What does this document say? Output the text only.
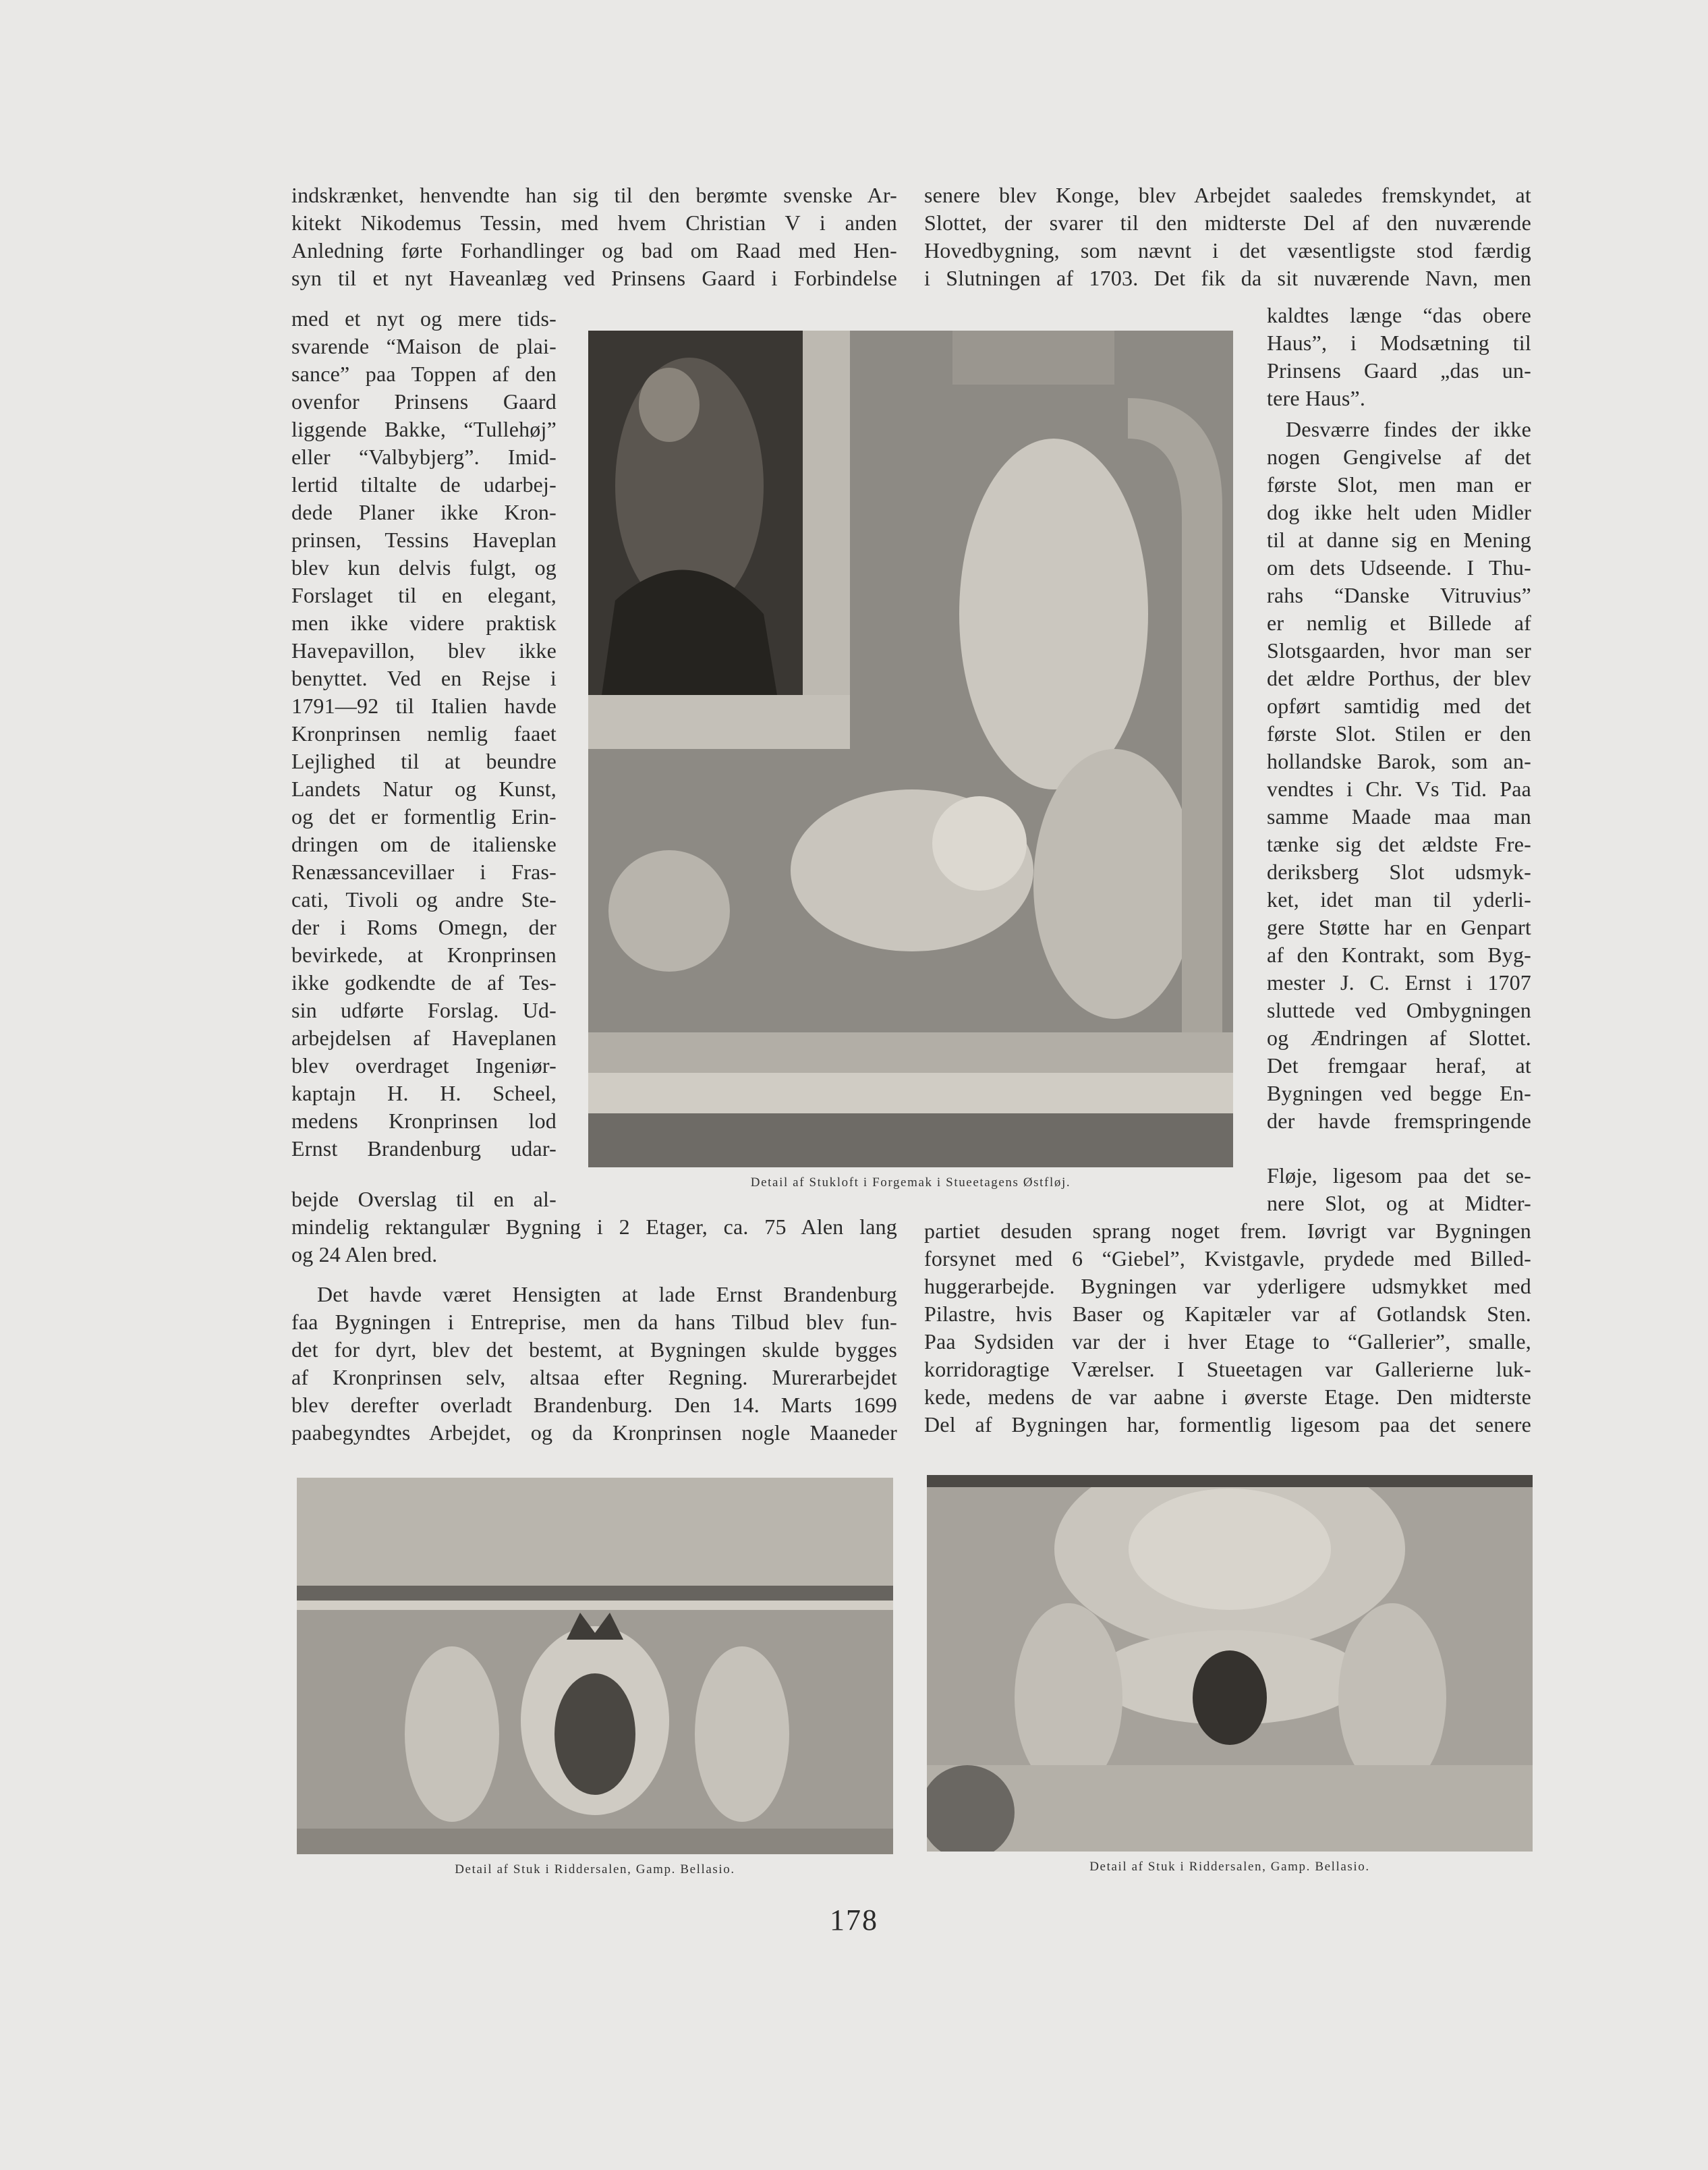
Detail af Stukloft i Forgemak i Stueetagens Østfløj.

Detail af Stuk i Riddersalen, Gamp. Bellasio.	Detail af Stuk i Riddersalen, Gamp. Bellasio.

indskrænket, henvendte han sig til den berømte svenske Ar-

kitekt Nikodemus Tessin, med hvem Christian V i anden

Anledning førte Forhandlinger og bad om Raad med Hen-

syn til et nyt Haveanlæg ved Prinsens Gaard i Forbindelse

med et nyt og mere tids-

svarende “Maison de plai-

sance” paa Toppen af den

ovenfor Prinsens Gaard

liggende Bakke, “Tullehøj”

eller “Valbybjerg”. Imid-

lertid tiltalte de udarbej-

dede Planer ikke Kron-

prinsen, Tessins Haveplan

blev kun delvis fulgt, og

Forslaget til en elegant,

men ikke videre praktisk

Havepavillon, blev ikke

benyttet. Ved en Rejse i

1791—92 til Italien havde

Kronprinsen nemlig faaet

Lejlighed til at beundre

Landets Natur og Kunst,

og det er formentlig Erin-

dringen om de italienske

Renæssancevillaer i Fras-

cati, Tivoli og andre Ste-

der i Roms Omegn, der

bevirkede, at Kronprinsen

ikke godkendte de af Tes-

sin udførte Forslag. Ud-

arbejdelsen af Haveplanen

blev overdraget Ingeniør-

kaptajn H. H. Scheel,

medens Kronprinsen lod

Ernst Brandenburg udar-

bejde Overslag til en al-

mindelig rektangulær Bygning i 2 Etager, ca. 75 Alen lang

og 24 Alen bred.

Det havde været Hensigten at lade Ernst Brandenburg

faa Bygningen i Entreprise, men da hans Tilbud blev fun-

det for dyrt, blev det bestemt, at Bygningen skulde bygges

af Kronprinsen selv, altsaa efter Regning. Murerarbejdet

blev derefter overladt Brandenburg. Den 14. Marts 1699

paabegyndtes Arbejdet, og da Kronprinsen nogle Maaneder

senere blev Konge, blev Arbejdet saaledes fremskyndet, at

Slottet, der svarer til den midterste Del af den nuværende

Hovedbygning, som nævnt i det væsentligste stod færdig

i Slutningen af 1703. Det fik da sit nuværende Navn, men

kaldtes længe “das obere

Haus”, i Modsætning til

Prinsens Gaard „das un-

tere Haus”.

Desværre findes der ikke

nogen Gengivelse af det

første Slot, men man er

dog ikke helt uden Midler

til at danne sig en Mening

om dets Udseende. I Thu-

rahs “Danske Vitruvius”

er nemlig et Billede af

Slotsgaarden, hvor man ser

det ældre Porthus, der blev

opført samtidig med det

første Slot. Stilen er den

hollandske Barok, som an-

vendtes i Chr. Vs Tid. Paa

samme Maade maa man

tænke sig det ældste Fre-

deriksberg Slot udsmyk-

ket, idet man til yderli-

gere Støtte har en Genpart

af den Kontrakt, som Byg-

mester J. C. Ernst i 1707

sluttede ved Ombygningen

og Ændringen af Slottet.

Det fremgaar heraf, at

Bygningen ved begge En-

der havde fremspringende

Fløje, ligesom paa det se-

nere Slot, og at Midter-

partiet desuden sprang noget frem. Iøvrigt var Bygningen

forsynet med 6 “Giebel”, Kvistgavle, prydede med Billed-

huggerarbejde. Bygningen var yderligere udsmykket med

Pilastre, hvis Baser og Kapitæler var af Gotlandsk Sten.

Paa Sydsiden var der i hver Etage to “Gallerier”, smalle,

korridoragtige Værelser. I Stueetagen var Gallerierne luk-

kede, medens de var aabne i øverste Etage. Den midterste

Del af Bygningen har, formentlig ligesom paa det senere

178
